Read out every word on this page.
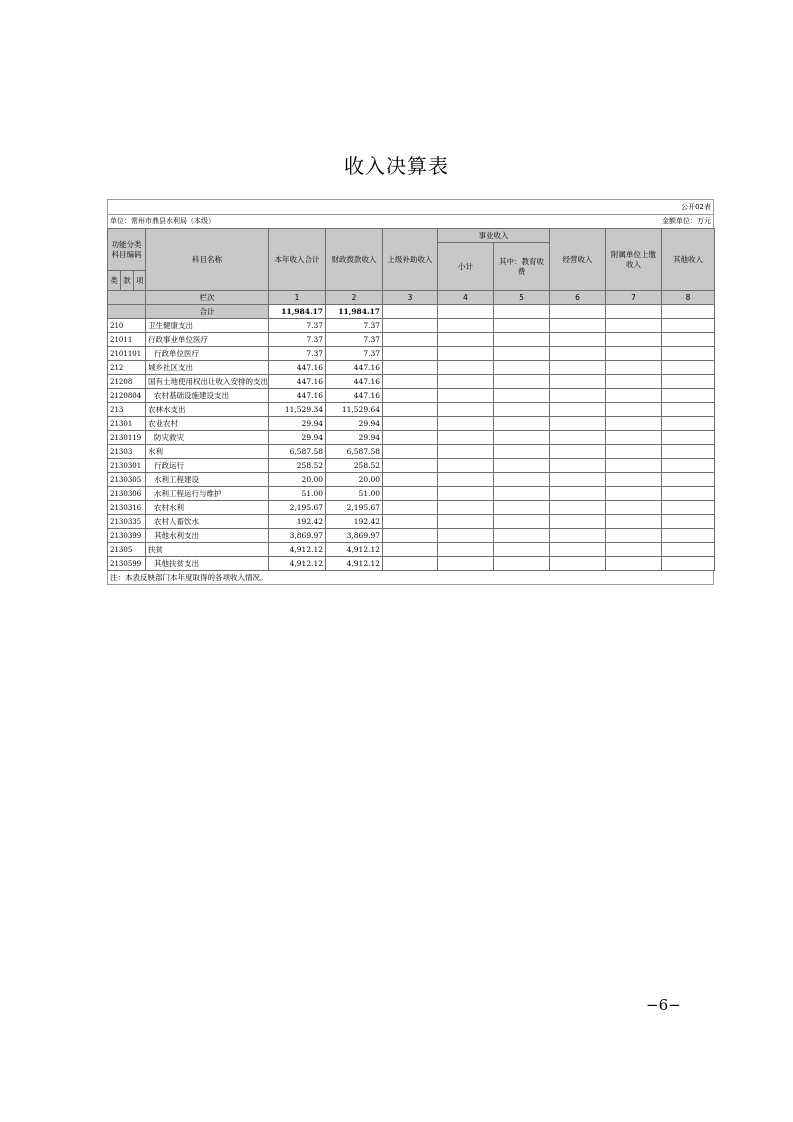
收入决算表
公开02表
单位：常州市鼎县水利局（本级）	金额单位：万元
功能分类科目编码			科目名称	本年收入合计	财政拨款收入	上级补助收入	事业收入		经营收入	附属单位上缴收入	其他收入
							小计	其中：教育收费			
类	款	项									
			栏次	1	2	3	4	5	6	7	8
			合计	11,984.17	11,984.17						
210			卫生健康支出	7.37	7.37						
21011			行政事业单位医疗	7.37	7.37						
2101101			行政单位医疗	7.37	7.37						
212			城乡社区支出	447.16	447.16						
21208			国有土地使用权出让收入安排的支出	447.16	447.16						
2120804			农村基础设施建设支出	447.16	447.16						
213			农林水支出	11,529.34	11,529.64						
21301			农业农村	29.94	29.94						
2130119			防灾救灾	29.94	29.94						
21303			水利	6,587.58	6,587.58						
2130301			行政运行	258.52	258.52						
2130305			水利工程建设	20.00	20.00						
2130306			水利工程运行与维护	51.00	51.00						
2130316			农村水利	2,195.67	2,195.67						
2130335			农村人畜饮水	192.42	192.42						
2130399			其他水利支出	3,869.97	3,869.97						
21305			扶贫	4,912.12	4,912.12						
2130599			其他扶贫支出	4,912.12	4,912.12						
注：本表反映部门本年度取得的各项收入情况。
−6−
